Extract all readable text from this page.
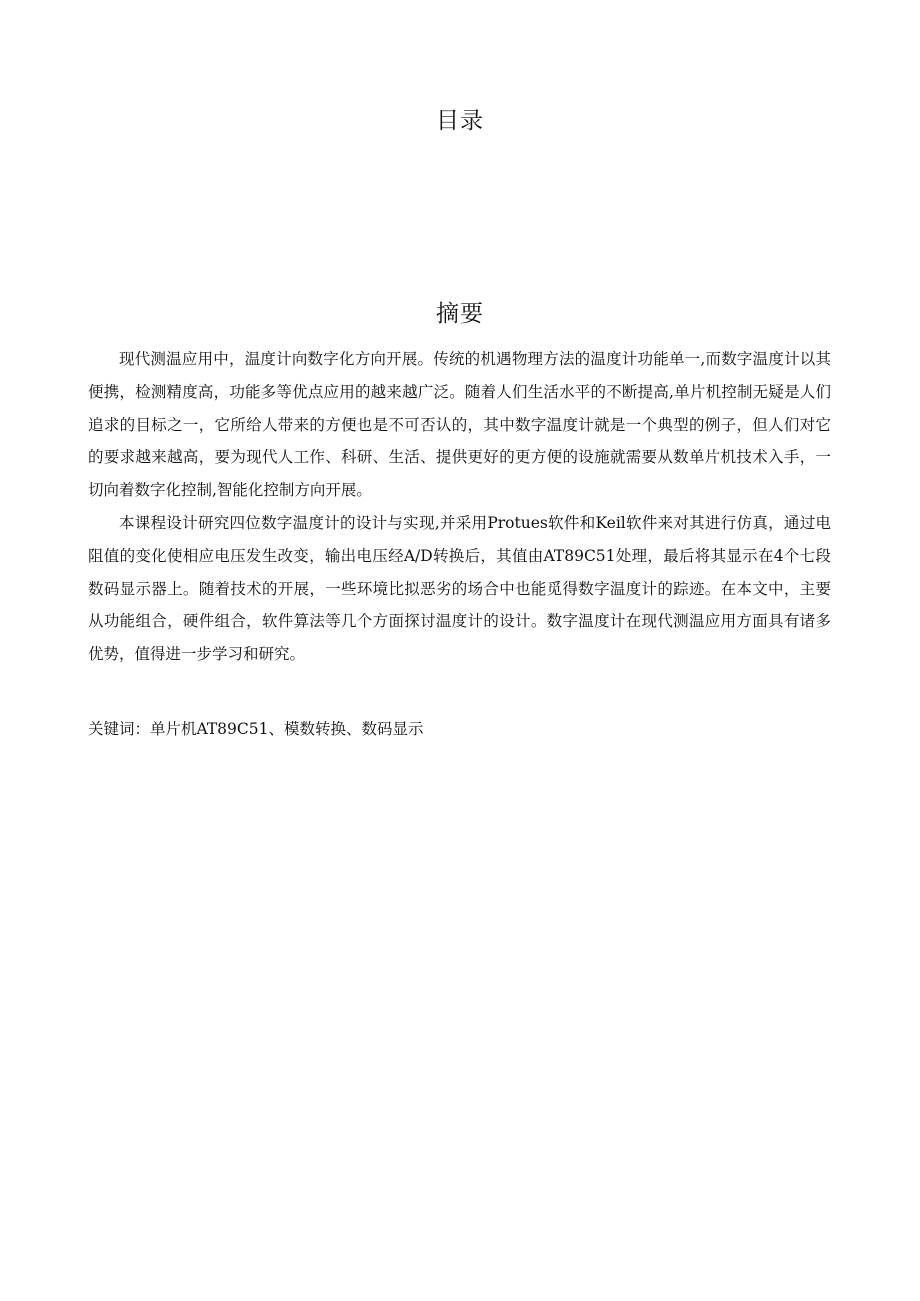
目录
摘要

现代测温应用中，温度计向数字化方向开展。传统的机遇物理方法的温度计功能单一,而数字温度计以其便携，检测精度高，功能多等优点应用的越来越广泛。随着人们生活水平的不断提高,单片机控制无疑是人们追求的目标之一，它所给人带来的方便也是不可否认的，其中数字温度计就是一个典型的例子，但人们对它的要求越来越高，要为现代人工作、科研、生活、提供更好的更方便的设施就需要从数单片机技术入手，一切向着数字化控制,智能化控制方向开展。

本课程设计研究四位数字温度计的设计与实现,并采用Protues软件和Keil软件来对其进行仿真，通过电阻值的变化使相应电压发生改变，输出电压经A/D转换后，其值由AT89C51处理，最后将其显示在4个七段数码显示器上。随着技术的开展，一些环境比拟恶劣的场合中也能觅得数字温度计的踪迹。在本文中，主要从功能组合，硬件组合，软件算法等几个方面探讨温度计的设计。数字温度计在现代测温应用方面具有诸多优势，值得进一步学习和研究。

关键词：单片机AT89C51、模数转换、数码显示
